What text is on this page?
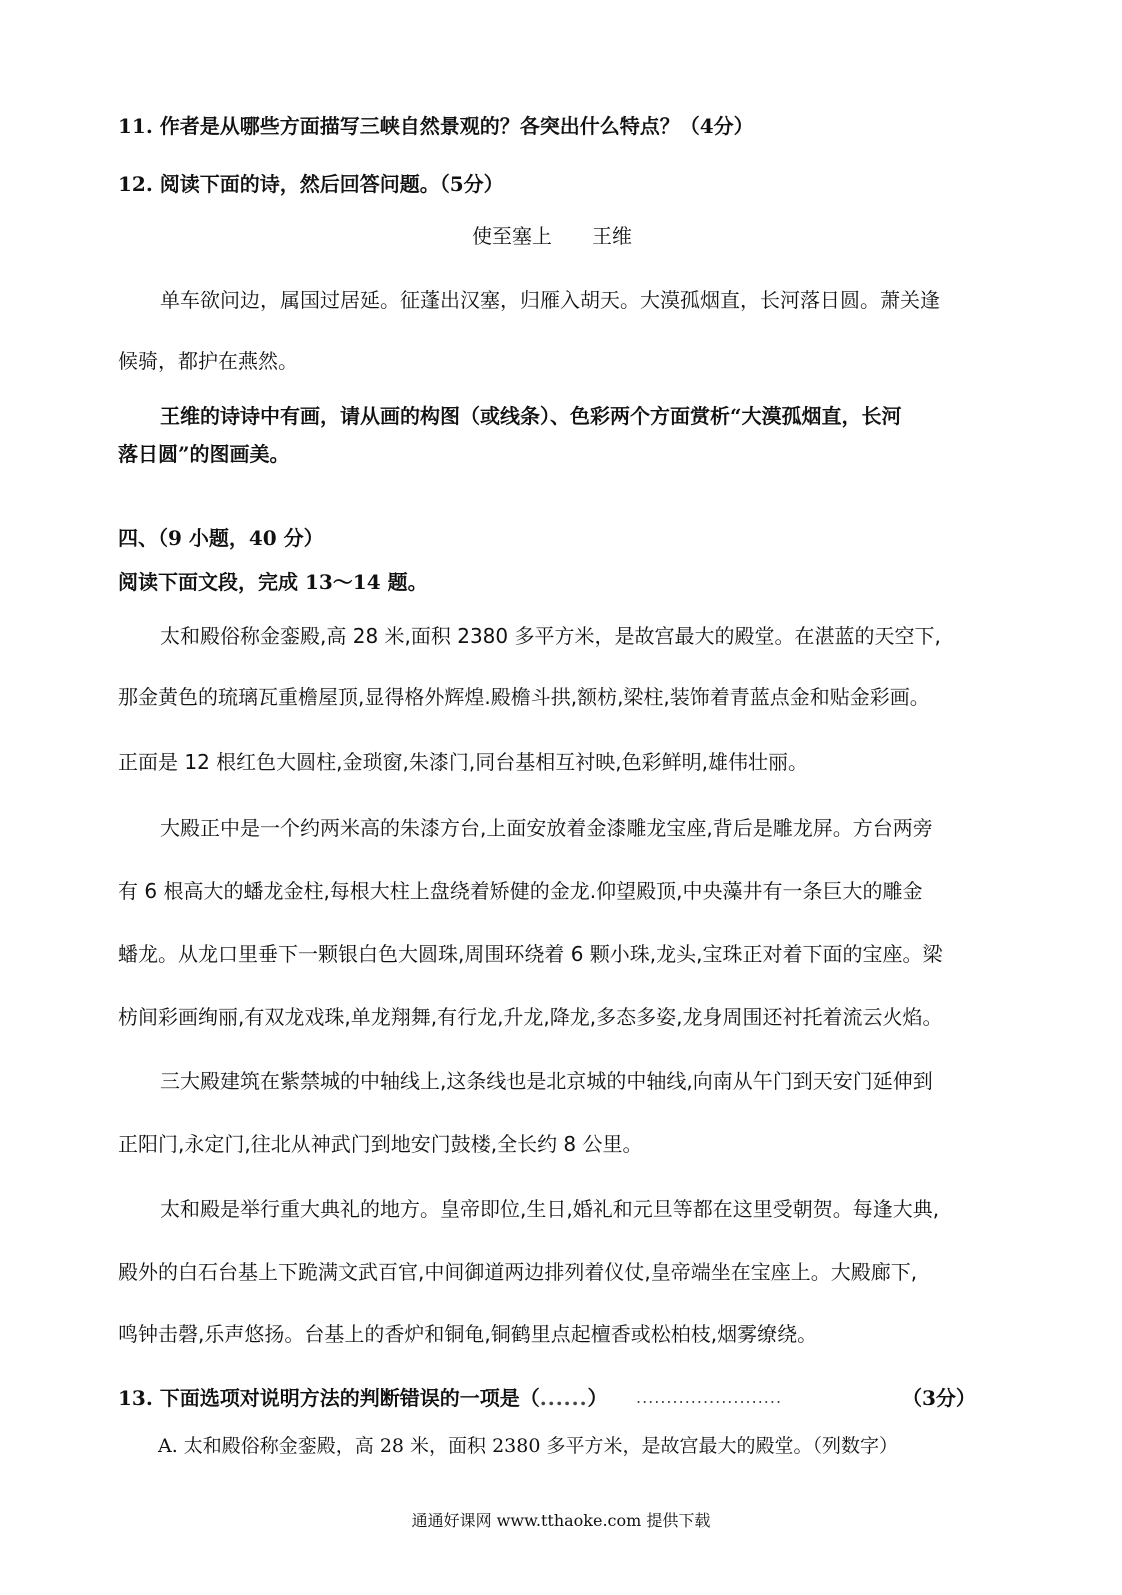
11. 作者是从哪些方面描写三峡自然景观的？各突出什么特点？（4分）
12. 阅读下面的诗，然后回答问题。（5分）
使至塞上　　王维
单车欲问边，属国过居延。征蓬出汉塞，归雁入胡天。大漠孤烟直，长河落日圆。萧关逢
候骑，都护在燕然。
王维的诗诗中有画，请从画的构图（或线条）、色彩两个方面赏析“大漠孤烟直，长河
落日圆”的图画美。
四、（9 小题，40 分）
阅读下面文段，完成 13～14 题。
太和殿俗称金銮殿,高 28 米,面积 2380 多平方米，是故宫最大的殿堂。在湛蓝的天空下,
那金黄色的琉璃瓦重檐屋顶,显得格外辉煌.殿檐斗拱,额枋,梁柱,装饰着青蓝点金和贴金彩画。
正面是 12 根红色大圆柱,金琐窗,朱漆门,同台基相互衬映,色彩鲜明,雄伟壮丽。
大殿正中是一个约两米高的朱漆方台,上面安放着金漆雕龙宝座,背后是雕龙屏。方台两旁
有 6 根高大的蟠龙金柱,每根大柱上盘绕着矫健的金龙.仰望殿顶,中央藻井有一条巨大的雕金
蟠龙。从龙口里垂下一颗银白色大圆珠,周围环绕着 6 颗小珠,龙头,宝珠正对着下面的宝座。梁
枋间彩画绚丽,有双龙戏珠,单龙翔舞,有行龙,升龙,降龙,多态多姿,龙身周围还衬托着流云火焰。
三大殿建筑在紫禁城的中轴线上,这条线也是北京城的中轴线,向南从午门到天安门延伸到
正阳门,永定门,往北从神武门到地安门鼓楼,全长约 8 公里。
太和殿是举行重大典礼的地方。皇帝即位,生日,婚礼和元旦等都在这里受朝贺。每逢大典,
殿外的白石台基上下跪满文武百官,中间御道两边排列着仪仗,皇帝端坐在宝座上。大殿廊下,
鸣钟击磬,乐声悠扬。台基上的香炉和铜龟,铜鹤里点起檀香或松柏枝,烟雾缭绕。
13. 下面选项对说明方法的判断错误的一项是（......） ........................	（3分）
A. 太和殿俗称金銮殿，高 28 米，面积 2380 多平方米，是故宫最大的殿堂。（列数字）
通通好课网 www.tthaoke.com 提供下载
